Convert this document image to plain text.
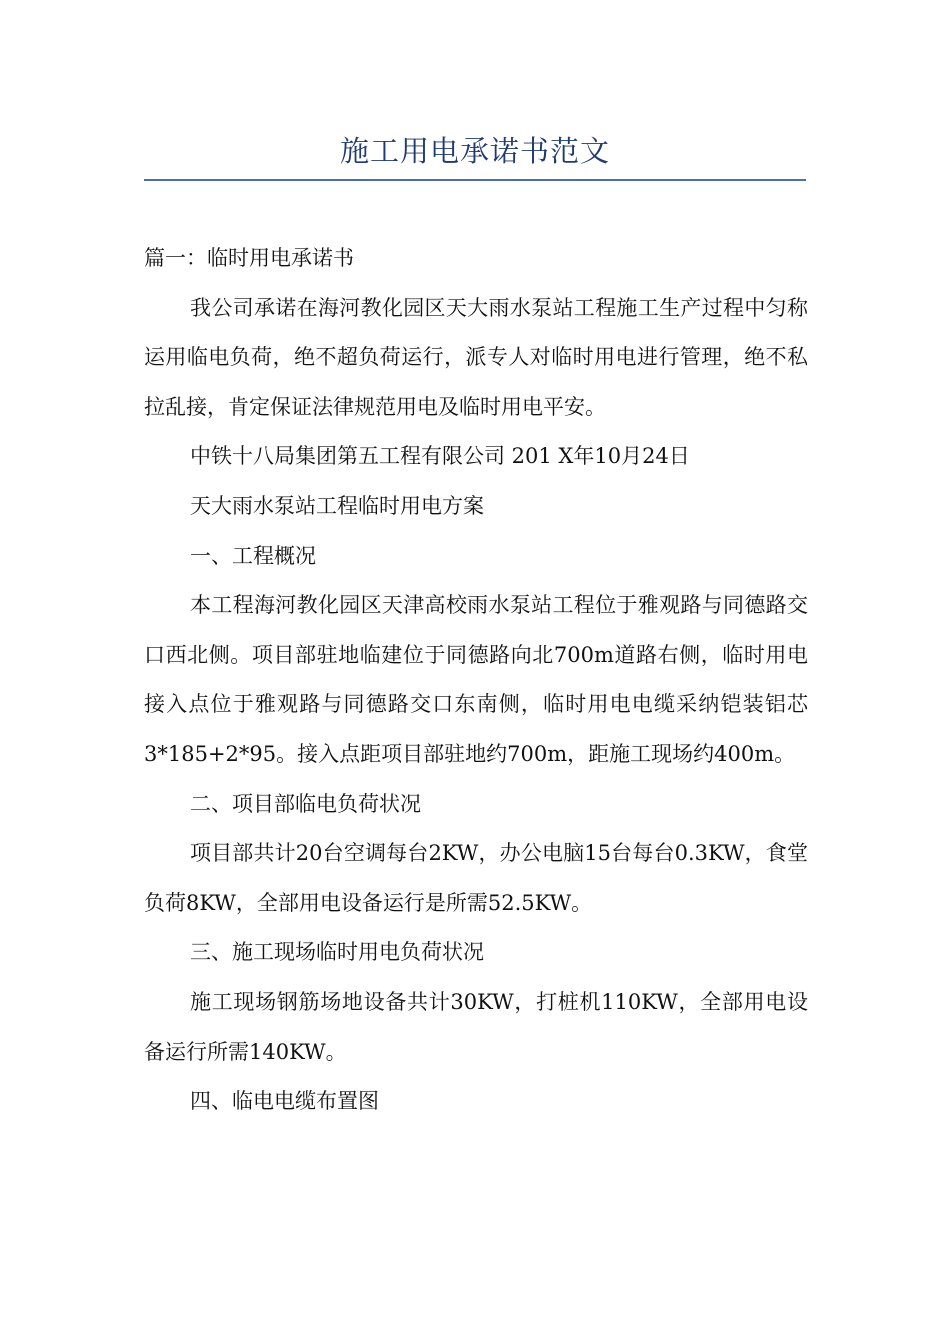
施工用电承诺书范文

篇一：临时用电承诺书

我公司承诺在海河教化园区天大雨水泵站工程施工生产过程中匀称运用临电负荷，绝不超负荷运行，派专人对临时用电进行管理，绝不私拉乱接，肯定保证法律规范用电及临时用电平安。

中铁十八局集团第五工程有限公司 201 X年10月24日

天大雨水泵站工程临时用电方案

一、工程概况

本工程海河教化园区天津高校雨水泵站工程位于雅观路与同德路交口西北侧。项目部驻地临建位于同德路向北700m道路右侧，临时用电接入点位于雅观路与同德路交口东南侧，临时用电电缆采纳铠装铝芯3*185+2*95。接入点距项目部驻地约700m，距施工现场约400m。

二、项目部临电负荷状况

项目部共计20台空调每台2KW，办公电脑15台每台0.3KW，食堂负荷8KW，全部用电设备运行是所需52.5KW。

三、施工现场临时用电负荷状况

施工现场钢筋场地设备共计30KW，打桩机110KW，全部用电设备运行所需140KW。

四、临电电缆布置图
